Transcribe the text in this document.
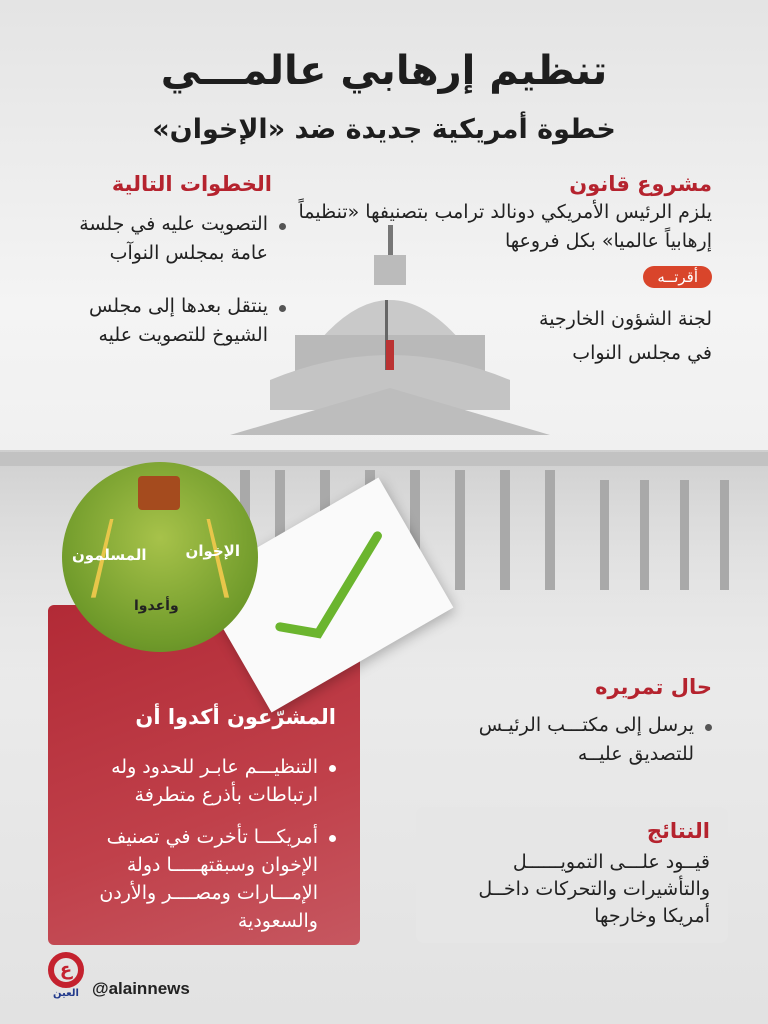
تنظيم إرهابي عالمـــي
خطوة أمريكية جديدة ضد «الإخوان»
مشروع قانون

يلزم الرئيس الأمريكي دونالد ترامب بتصنيفها «تنظيماً إرهابياً عالميا» بكل فروعها

أقرتــه
لجنة الشؤون الخارجية
في مجلس النواب
الخطوات التالية
التصويت عليه في جلسة عامة بمجلس النوآب
ينتقل بعدها إلى مجلس الشيوخ للتصويت عليه
المشرّعون أكدوا أن
التنظيـــم عابـر للحدود وله ارتباطات بأذرع متطرفة
أمريكـــا تأخرت في تصنيف الإخوان وسبقتهـــــا دولة الإمـــارات ومصــــر والأردن والسعودية
الإخوان
المسلمون
وأعدوا
حال تمريره
يرسل إلى مكتـــب الرئيـس للتصديق عليــه
النتائج

قيــود علـــى التمويــــــل والتأشيرات والتحركات داخــل أمريكا وخارجها

ع
العين @alainnews
